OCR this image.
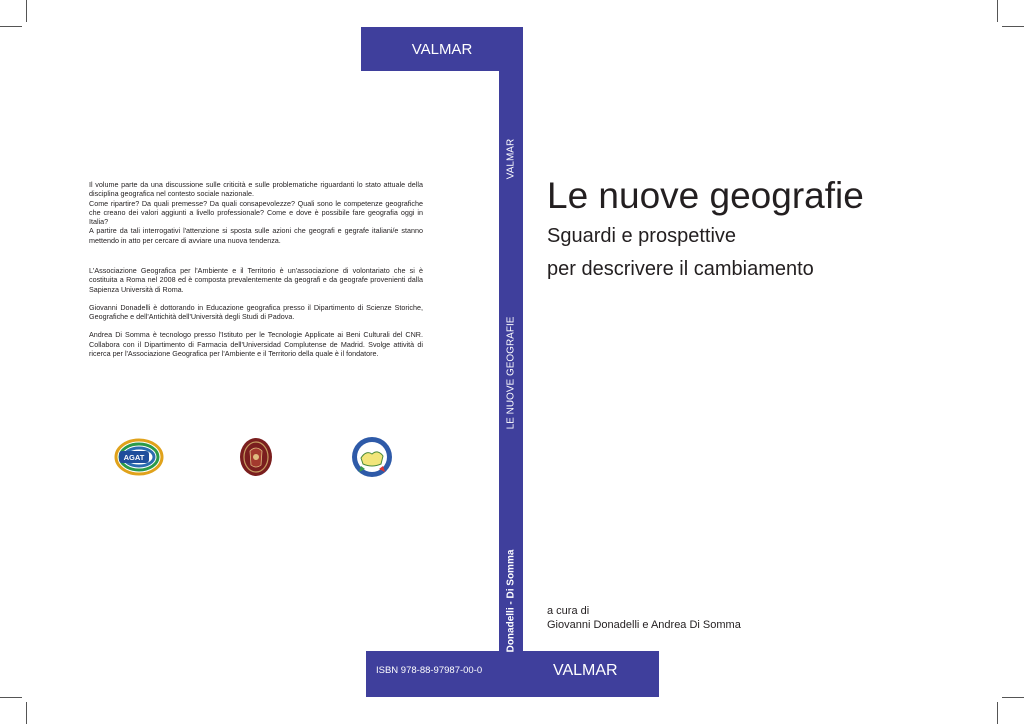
VALMAR
VALMAR
LE NUOVE GEOGRAFIE
Donadelli - Di Somma

Il volume parte da una discussione sulle criticità e sulle problematiche riguardanti lo stato attuale della disciplina geografica nel contesto sociale nazionale.

Come ripartire? Da quali premesse? Da quali consapevolezze? Quali sono le competenze geografiche che creano dei valori aggiunti a livello professionale? Come e dove è possibile fare geografia oggi in Italia?

A partire da tali interrogativi l'attenzione si sposta sulle azioni che geografi e gegrafe italiani/e stanno mettendo in atto per cercare di avviare una nuova tendenza.

L'Associazione Geografica per l'Ambiente e il Territorio è un'associazione di volontariato che si è costituita a Roma nel 2008 ed è composta prevalentemente da geografi e da geografe provenienti dalla Sapienza Università di Roma.

Giovanni Donadelli è dottorando in Educazione geografica presso il Dipartimento di Scienze Storiche, Geografiche e dell'Antichità dell'Università degli Studi di Padova.

Andrea Di Somma è tecnologo presso l'Istituto per le Tecnologie Applicate ai Beni Culturali del CNR. Collabora con il Dipartimento di Farmacia dell'Universidad Complutense de Madrid. Svolge attività di ricerca per l'Associazione Geografica per l'Ambiente e il Territorio della quale è il fondatore.

AGAT
Le nuove geografie
Sguardi e prospettive
per descrivere il cambiamento
a cura di
Giovanni Donadelli e Andrea Di Somma
ISBN 978-88-97987-00-0	VALMAR
